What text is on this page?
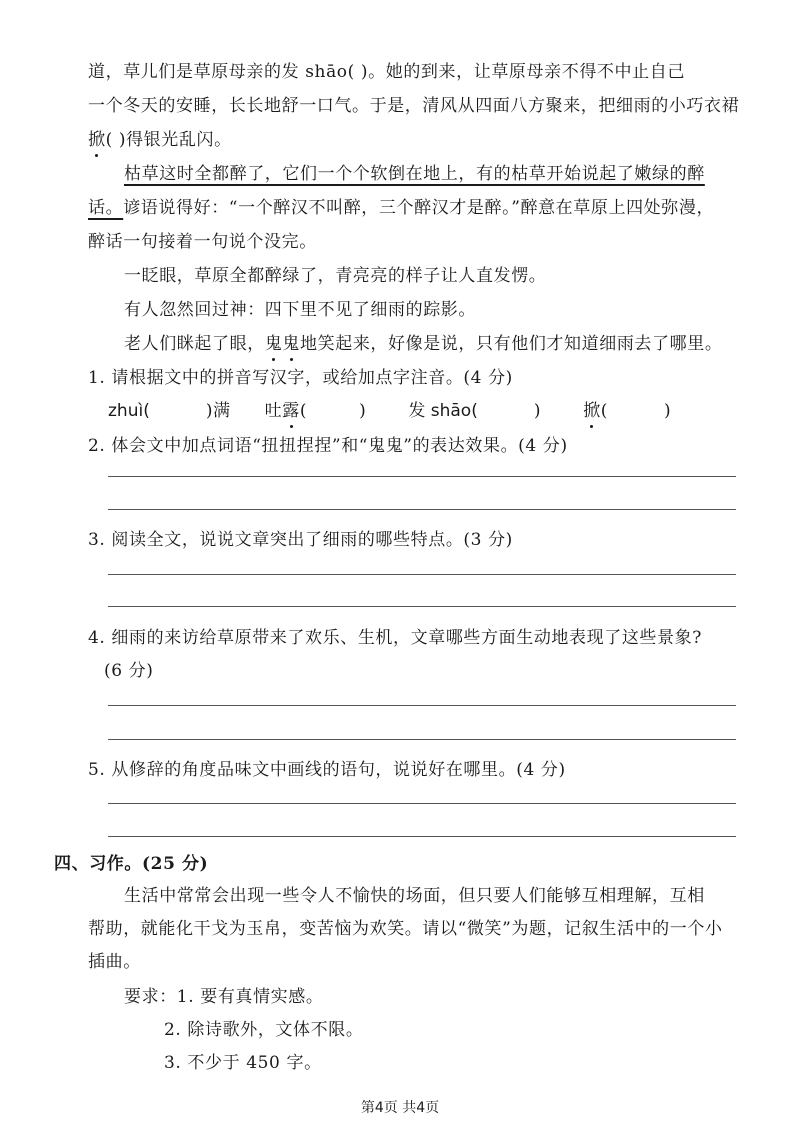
道，草儿们是草原母亲的发 shāo( )。她的到来，让草原母亲不得不中止自己
一个冬天的安睡，长长地舒一口气。于是，清风从四面八方聚来，把细雨的小巧衣裙
掀( )得银光乱闪。
枯草这时全都醉了，它们一个个软倒在地上，有的枯草开始说起了嫩绿的醉
话。谚语说得好：“一个醉汉不叫醉，三个醉汉才是醉。”醉意在草原上四处弥漫，
醉话一句接着一句说个没完。
一眨眼，草原全都醉绿了，青亮亮的样子让人直发愣。
有人忽然回过神：四下里不见了细雨的踪影。
老人们眯起了眼，鬼鬼地笑起来，好像是说，只有他们才知道细雨去了哪里。
1. 请根据文中的拼音写汉字，或给加点字注音。(4 分)
zhuì(	)满 吐露(	) 发 shāo(	) 掀(	)
2. 体会文中加点词语“扭扭捏捏”和“鬼鬼”的表达效果。(4 分)
3. 阅读全文，说说文章突出了细雨的哪些特点。(3 分)
4. 细雨的来访给草原带来了欢乐、生机，文章哪些方面生动地表现了这些景象?
(6 分)
5. 从修辞的角度品味文中画线的语句，说说好在哪里。(4 分)
四、习作。(25 分)
生活中常常会出现一些令人不愉快的场面，但只要人们能够互相理解，互相
帮助，就能化干戈为玉帛，变苦恼为欢笑。请以“微笑”为题，记叙生活中的一个小
插曲。
要求：1. 要有真情实感。
2. 除诗歌外，文体不限。
3. 不少于 450 字。
第4页 共4页
